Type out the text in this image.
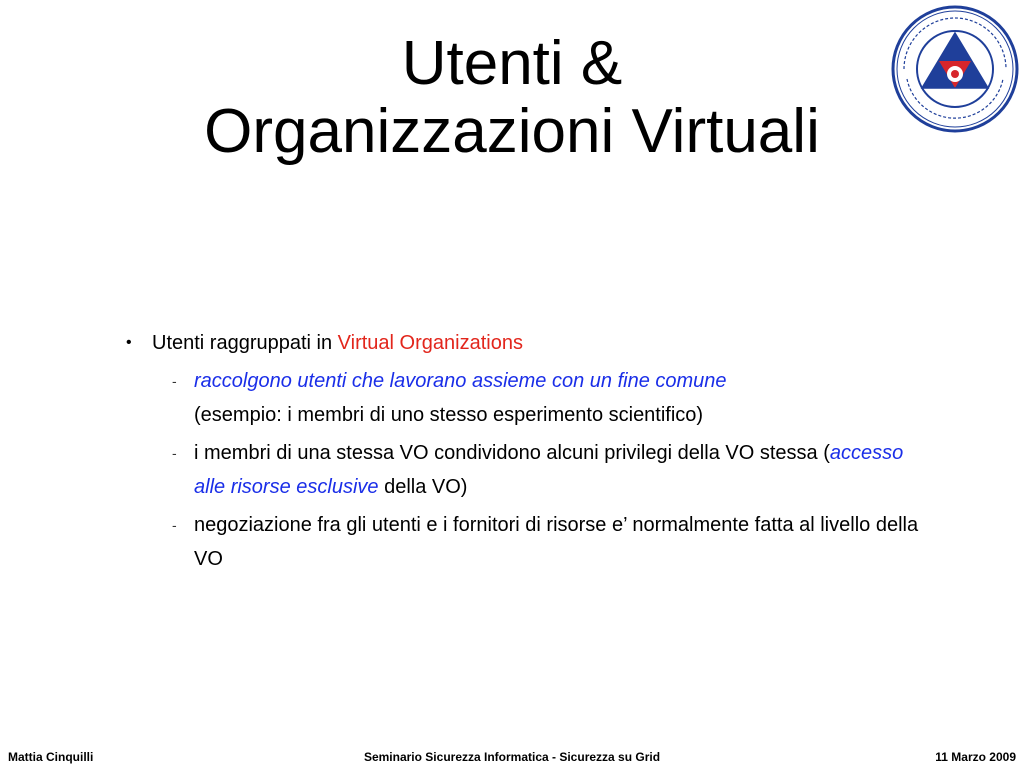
Utenti &
Organizzazioni Virtuali
• Utenti raggruppati in Virtual Organizations
- raccolgono utenti che lavorano assieme con un fine comune
(esempio: i membri di uno stesso esperimento scientifico)
- i membri di una stessa VO condividono alcuni privilegi della VO stessa (accesso alle risorse esclusive della VO)
- negoziazione fra gli utenti e i fornitori di risorse e’ normalmente fatta al livello della VO
Mattia Cinquilli	Seminario Sicurezza Informatica - Sicurezza su Grid	11 Marzo 2009
